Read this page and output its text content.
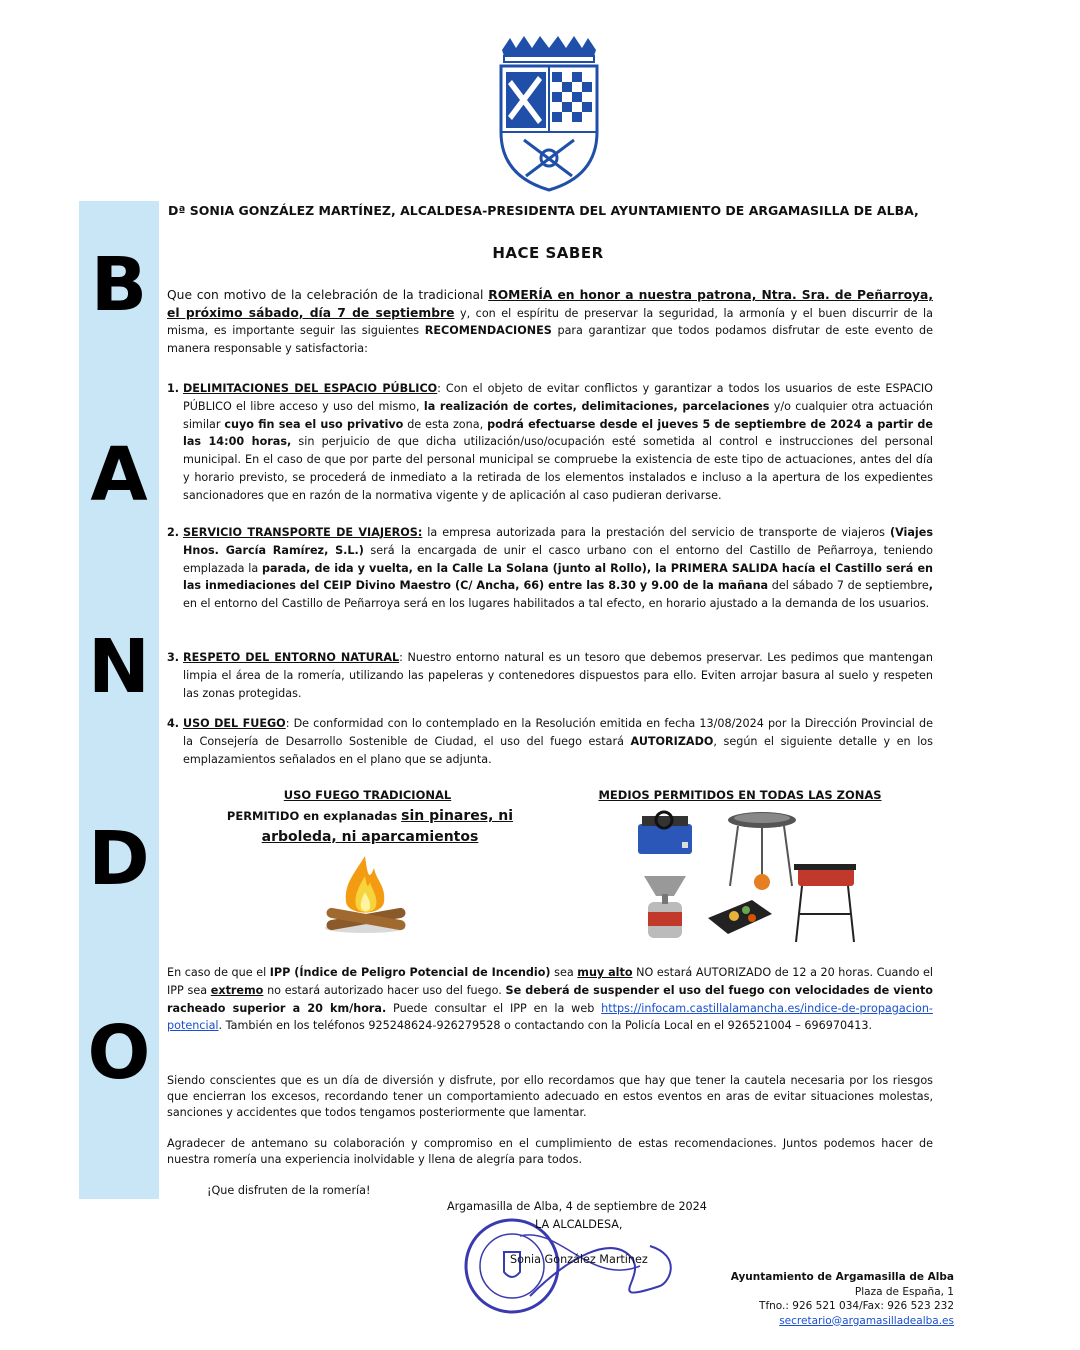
B
A
N
D
O
Dª SONIA GONZÁLEZ MARTÍNEZ, ALCALDESA-PRESIDENTA DEL AYUNTAMIENTO DE ARGAMASILLA DE ALBA,
HACE SABER
Que con motivo de la celebración de la tradicional ROMERÍA en honor a nuestra patrona, Ntra. Sra. de Peñarroya, el próximo sábado, día 7 de septiembre y, con el espíritu de preservar la seguridad, la armonía y el buen discurrir de la misma, es importante seguir las siguientes RECOMENDACIONES para garantizar que todos podamos disfrutar de este evento de manera responsable y satisfactoria:
1. DELIMITACIONES DEL ESPACIO PÚBLICO: Con el objeto de evitar conflictos y garantizar a todos los usuarios de este ESPACIO PÚBLICO el libre acceso y uso del mismo, la realización de cortes, delimitaciones, parcelaciones y/o cualquier otra actuación similar cuyo fin sea el uso privativo de esta zona, podrá efectuarse desde el jueves 5 de septiembre de 2024 a partir de las 14:00 horas, sin perjuicio de que dicha utilización/uso/ocupación esté sometida al control e instrucciones del personal municipal. En el caso de que por parte del personal municipal se compruebe la existencia de este tipo de actuaciones, antes del día y horario previsto, se procederá de inmediato a la retirada de los elementos instalados e incluso a la apertura de los expedientes sancionadores que en razón de la normativa vigente y de aplicación al caso pudieran derivarse.
2. SERVICIO TRANSPORTE DE VIAJEROS: la empresa autorizada para la prestación del servicio de transporte de viajeros (Viajes Hnos. García Ramírez, S.L.) será la encargada de unir el casco urbano con el entorno del Castillo de Peñarroya, teniendo emplazada la parada, de ida y vuelta, en la Calle La Solana (junto al Rollo), la PRIMERA SALIDA hacía el Castillo será en las inmediaciones del CEIP Divino Maestro (C/ Ancha, 66) entre las 8.30 y 9.00 de la mañana del sábado 7 de septiembre, en el entorno del Castillo de Peñarroya será en los lugares habilitados a tal efecto, en horario ajustado a la demanda de los usuarios.
3. RESPETO DEL ENTORNO NATURAL: Nuestro entorno natural es un tesoro que debemos preservar. Les pedimos que mantengan limpia el área de la romería, utilizando las papeleras y contenedores dispuestos para ello. Eviten arrojar basura al suelo y respeten las zonas protegidas.
4. USO DEL FUEGO: De conformidad con lo contemplado en la Resolución emitida en fecha 13/08/2024 por la Dirección Provincial de la Consejería de Desarrollo Sostenible de Ciudad, el uso del fuego estará AUTORIZADO, según el siguiente detalle y en los emplazamientos señalados en el plano que se adjunta.
USO FUEGO TRADICIONAL	MEDIOS PERMITIDOS EN TODAS LAS ZONAS
PERMITIDO en explanadas sin pinares, ni arboleda, ni aparcamientos
En caso de que el IPP (Índice de Peligro Potencial de Incendio) sea muy alto NO estará AUTORIZADO de 12 a 20 horas. Cuando el IPP sea extremo no estará autorizado hacer uso del fuego. Se deberá de suspender el uso del fuego con velocidades de viento racheado superior a 20 km/hora. Puede consultar el IPP en la web https://infocam.castillalamancha.es/indice-de-propagacion-potencial. También en los teléfonos 925248624-926279528 o contactando con la Policía Local en el 926521004 – 696970413.
Siendo conscientes que es un día de diversión y disfrute, por ello recordamos que hay que tener la cautela necesaria por los riesgos que encierran los excesos, recordando tener un comportamiento adecuado en estos eventos en aras de evitar situaciones molestas, sanciones y accidentes que todos tengamos posteriormente que lamentar.
Agradecer de antemano su colaboración y compromiso en el cumplimiento de estas recomendaciones. Juntos podemos hacer de nuestra romería una experiencia inolvidable y llena de alegría para todos.
¡Que disfruten de la romería!
Argamasilla de Alba, 4 de septiembre de 2024
LA ALCALDESA,
Sonia González Martínez
Ayuntamiento de Argamasilla de Alba
Plaza de España, 1
Tfno.: 926 521 034/Fax: 926 523 232
secretario@argamasilladealba.es
